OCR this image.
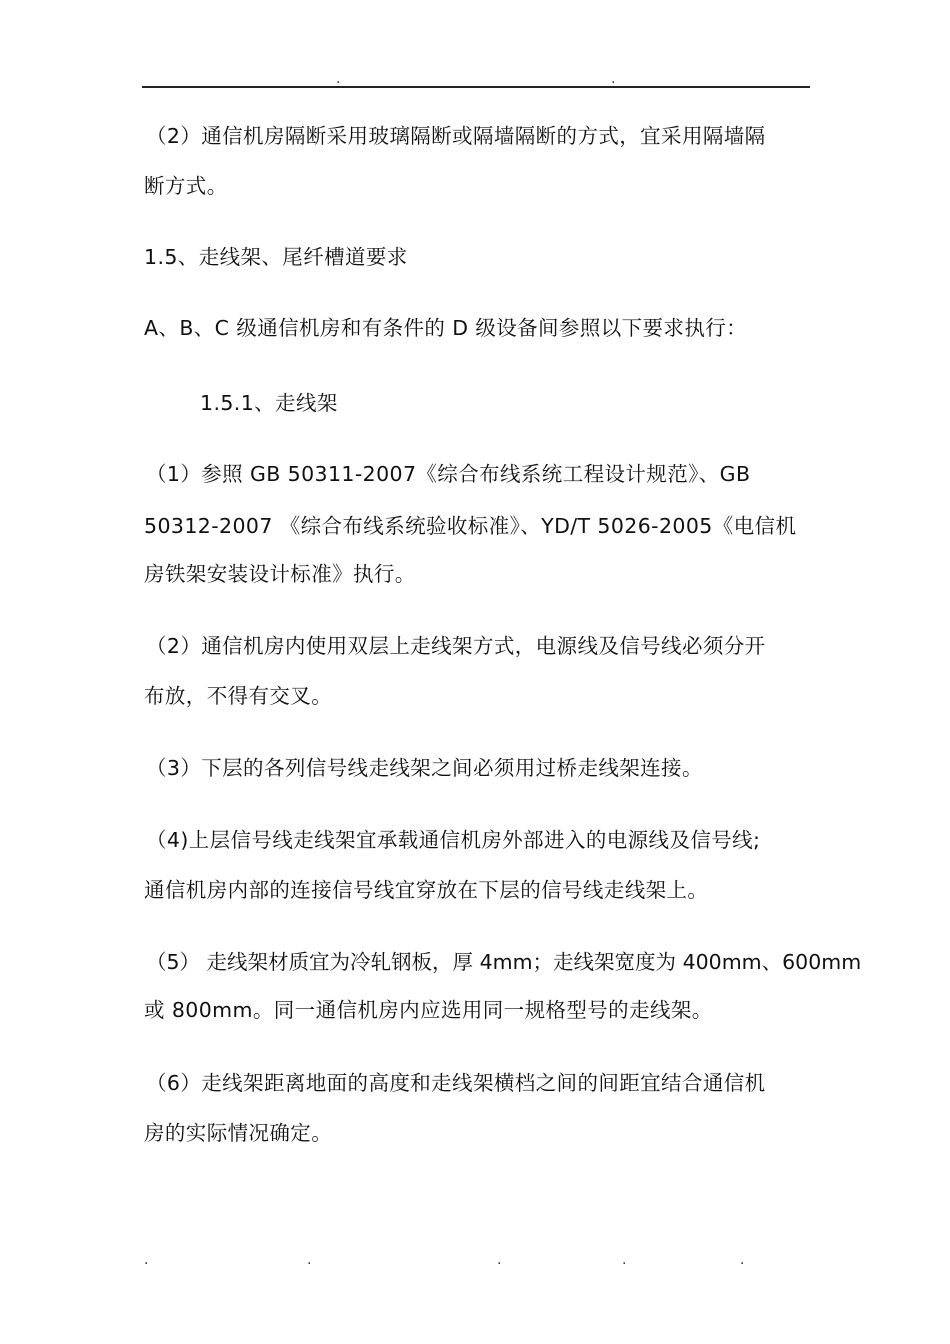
.	.
（2）通信机房隔断采用玻璃隔断或隔墙隔断的方式，宜采用隔墙隔
断方式。
1.5、走线架、尾纤槽道要求
A、B、C 级通信机房和有条件的 D 级设备间参照以下要求执行：
1.5.1、走线架
（1）参照 GB 50311-2007《综合布线系统工程设计规范》、GB
50312-2007 《综合布线系统验收标准》、YD/T 5026-2005《电信机
房铁架安装设计标准》执行。
（2）通信机房内使用双层上走线架方式，电源线及信号线必须分开
布放，不得有交叉。
（3）下层的各列信号线走线架之间必须用过桥走线架连接。
（4)上层信号线走线架宜承载通信机房外部进入的电源线及信号线;
通信机房内部的连接信号线宜穿放在下层的信号线走线架上。
（5） 走线架材质宜为冷轧钢板，厚 4mm；走线架宽度为 400mm、600mm
或 800mm。同一通信机房内应选用同一规格型号的走线架。
（6）走线架距离地面的高度和走线架横档之间的间距宜结合通信机
房的实际情况确定。
.	.	.	.	.
